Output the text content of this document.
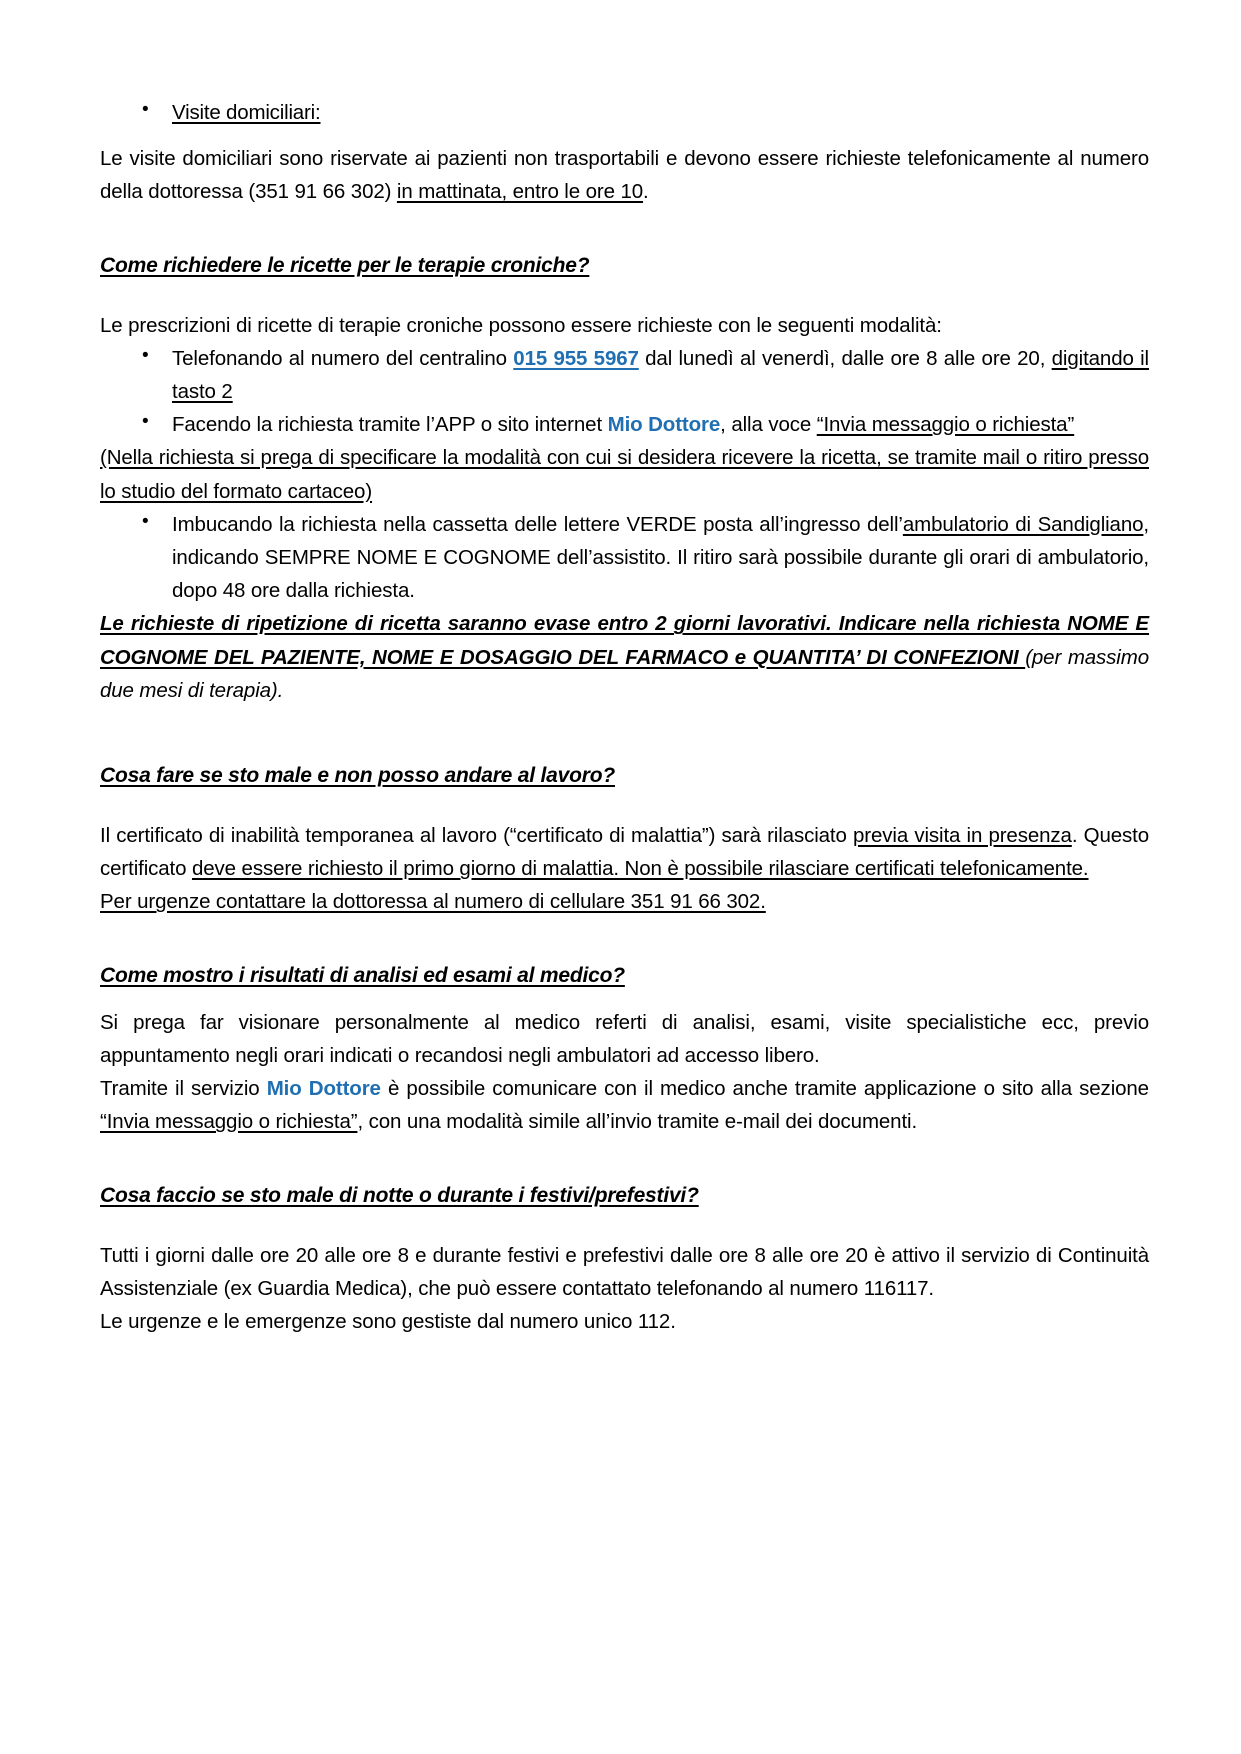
• Visite domiciliari:

Le visite domiciliari sono riservate ai pazienti non trasportabili e devono essere richieste telefonicamente al numero della dottoressa (351 91 66 302) in mattinata, entro le ore 10.

Come richiedere le ricette per le terapie croniche?

Le prescrizioni di ricette di terapie croniche possono essere richieste con le seguenti modalità:

• Telefonando al numero del centralino 015 955 5967 dal lunedì al venerdì, dalle ore 8 alle ore 20, digitando il tasto 2
• Facendo la richiesta tramite l’APP o sito internet Mio Dottore, alla voce “Invia messaggio o richiesta”

(Nella richiesta si prega di specificare la modalità con cui si desidera ricevere la ricetta, se tramite mail o ritiro presso lo studio del formato cartaceo)

• Imbucando la richiesta nella cassetta delle lettere VERDE posta all’ingresso dell’ambulatorio di Sandigliano, indicando SEMPRE NOME E COGNOME dell’assistito. Il ritiro sarà possibile durante gli orari di ambulatorio, dopo 48 ore dalla richiesta.

Le richieste di ripetizione di ricetta saranno evase entro 2 giorni lavorativi. Indicare nella richiesta NOME E COGNOME DEL PAZIENTE, NOME E DOSAGGIO DEL FARMACO e QUANTITA’ DI CONFEZIONI (per massimo due mesi di terapia).

Cosa fare se sto male e non posso andare al lavoro?

Il certificato di inabilità temporanea al lavoro (“certificato di malattia”) sarà rilasciato previa visita in presenza. Questo certificato deve essere richiesto il primo giorno di malattia. Non è possibile rilasciare certificati telefonicamente.

Per urgenze contattare la dottoressa al numero di cellulare 351 91 66 302.

Come mostro i risultati di analisi ed esami al medico?

Si prega far visionare personalmente al medico referti di analisi, esami, visite specialistiche ecc, previo appuntamento negli orari indicati o recandosi negli ambulatori ad accesso libero.

Tramite il servizio Mio Dottore è possibile comunicare con il medico anche tramite applicazione o sito alla sezione “Invia messaggio o richiesta”, con una modalità simile all’invio tramite e-mail dei documenti.

Cosa faccio se sto male di notte o durante i festivi/prefestivi?

Tutti i giorni dalle ore 20 alle ore 8 e durante festivi e prefestivi dalle ore 8 alle ore 20 è attivo il servizio di Continuità Assistenziale (ex Guardia Medica), che può essere contattato telefonando al numero 116117.

Le urgenze e le emergenze sono gestiste dal numero unico 112.
